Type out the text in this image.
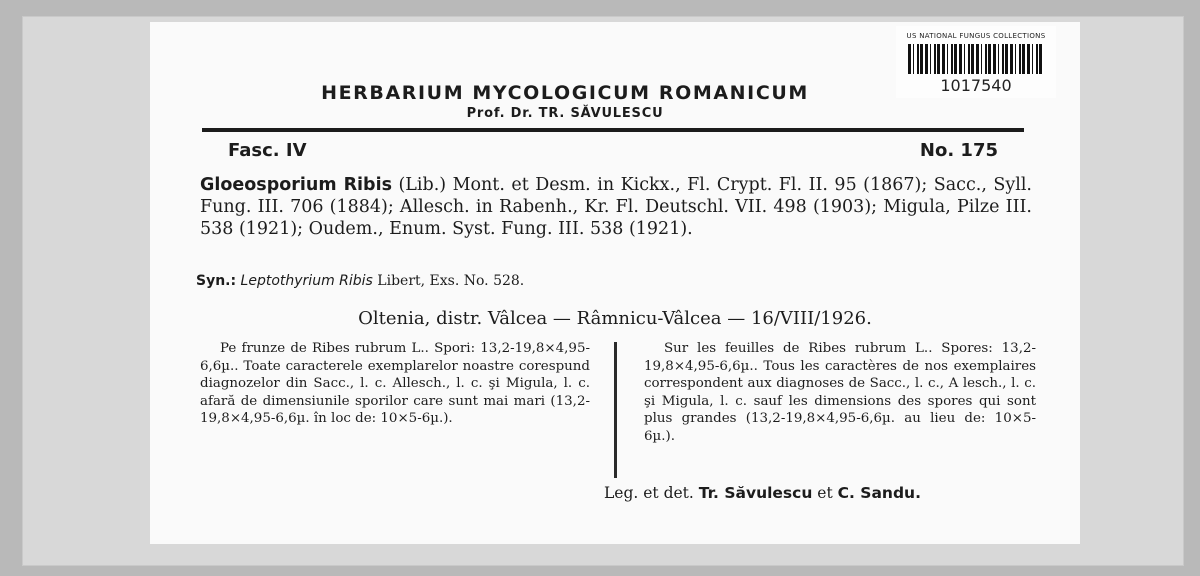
US NATIONAL FUNGUS COLLECTIONS
1017540
HERBARIUM MYCOLOGICUM ROMANICUM
Prof. Dr. TR. SĂVULESCU
Fasc. IV	No. 175

Gloeosporium Ribis (Lib.) Mont. et Desm. in Kickx., Fl. Crypt. Fl. II. 95 (1867); Sacc., Syll. Fung. III. 706 (1884); Allesch. in Rabenh., Kr. Fl. Deutschl. VII. 498 (1903); Migula, Pilze III. 538 (1921); Oudem., Enum. Syst. Fung. III. 538 (1921).

Syn.: Leptothyrium Ribis Libert, Exs. No. 528.

Oltenia, distr. Vâlcea — Râmnicu-Vâlcea — 16/VIII/1926.

Pe frunze de Ribes rubrum L.. Spori: 13,2-19,8×4,95-6,6µ.. Toate caracterele exemplarelor noastre corespund diagnozelor din Sacc., l. c. Allesch., l. c. şi Migula, l. c. afară de dimensiunile sporilor care sunt mai mari (13,2-19,8×4,95-6,6µ. în loc de: 10×5-6µ.).

Sur les feuilles de Ribes rubrum L.. Spores: 13,2-19,8×4,95-6,6µ.. Tous les caractères de nos exemplaires correspondent aux diagnoses de Sacc., l. c., A lesch., l. c. şi Migula, l. c. sauf les dimensions des spores qui sont plus grandes (13,2-19,8×4,95-6,6µ. au lieu de: 10×5-6µ.).

Leg. et det. Tr. Săvulescu et C. Sandu.
